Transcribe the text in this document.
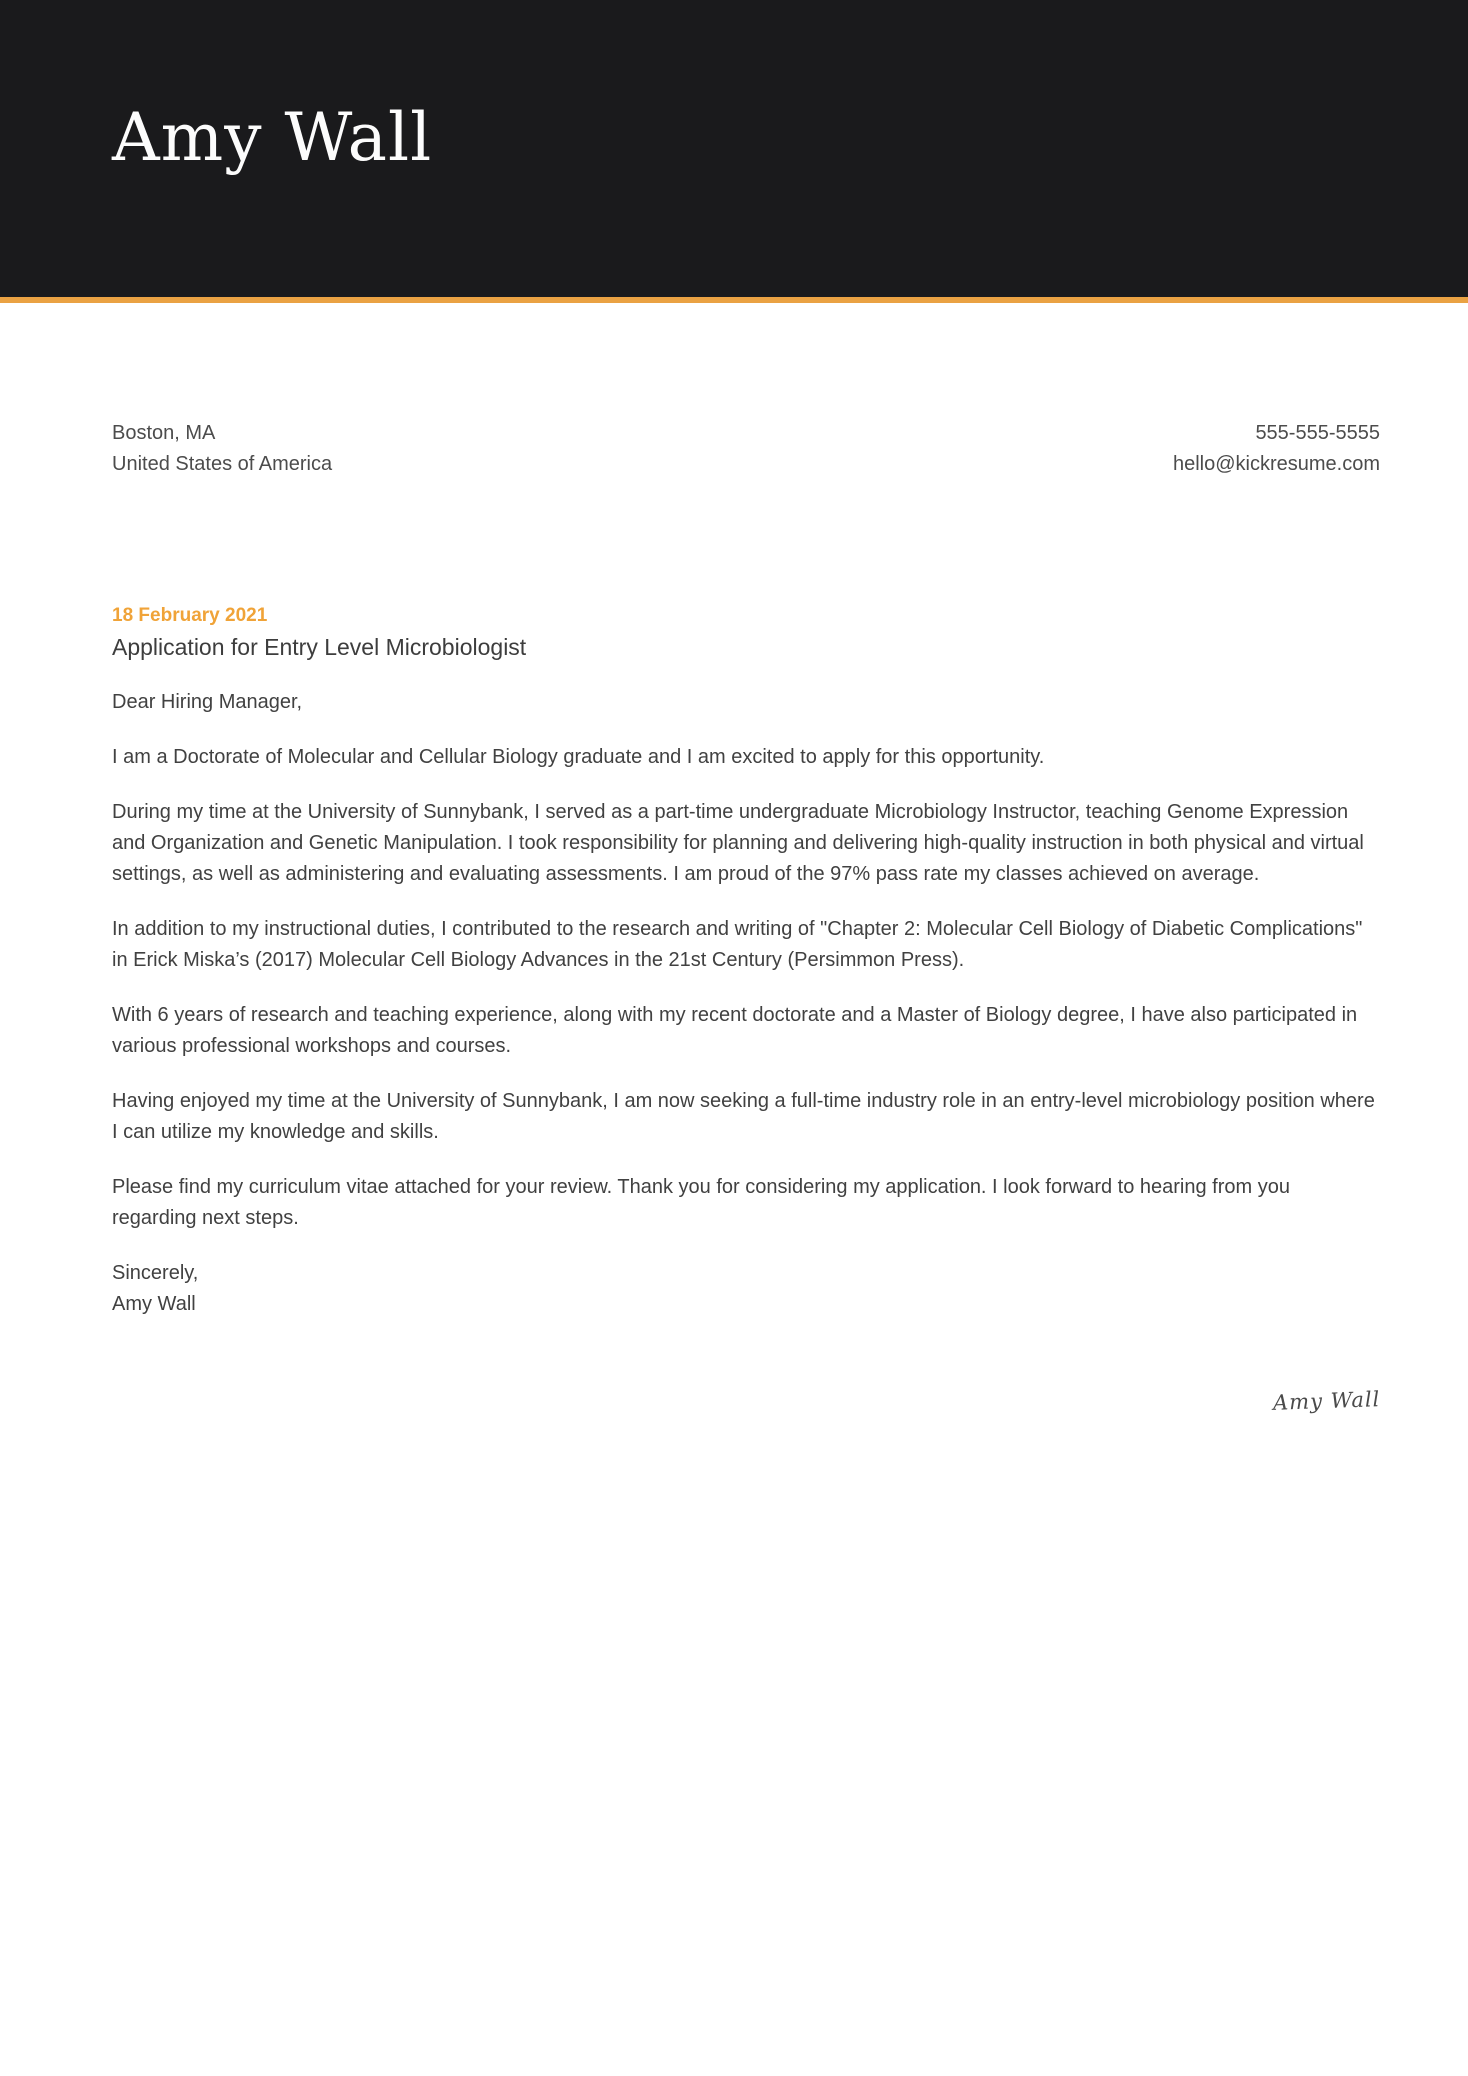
Amy Wall
Boston, MA
United States of America
555-555-5555
hello@kickresume.com
18 February 2021
Application for Entry Level Microbiologist

Dear Hiring Manager,

I am a Doctorate of Molecular and Cellular Biology graduate and I am excited to apply for this opportunity.

During my time at the University of Sunnybank, I served as a part-time undergraduate Microbiology Instructor, teaching Genome Expression and Organization and Genetic Manipulation. I took responsibility for planning and delivering high-quality instruction in both physical and virtual settings, as well as administering and evaluating assessments. I am proud of the 97% pass rate my classes achieved on average.

In addition to my instructional duties, I contributed to the research and writing of "Chapter 2: Molecular Cell Biology of Diabetic Complications" in Erick Miska’s (2017) Molecular Cell Biology Advances in the 21st Century (Persimmon Press).

With 6 years of research and teaching experience, along with my recent doctorate and a Master of Biology degree, I have also participated in various professional workshops and courses.

Having enjoyed my time at the University of Sunnybank, I am now seeking a full-time industry role in an entry-level microbiology position where I can utilize my knowledge and skills.

Please find my curriculum vitae attached for your review. Thank you for considering my application. I look forward to hearing from you regarding next steps.

Sincerely,
Amy Wall
Amy Wall
